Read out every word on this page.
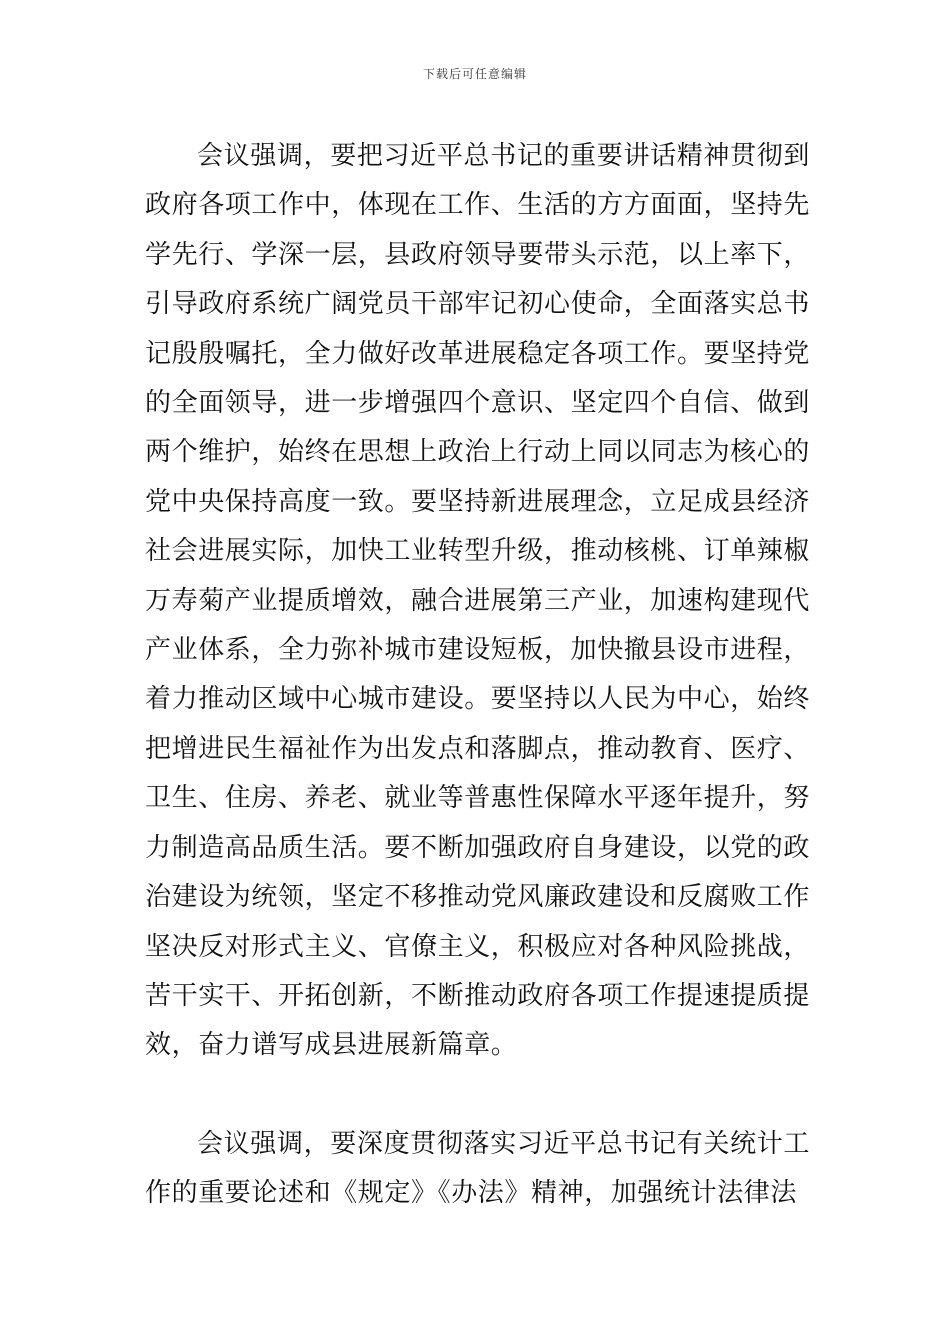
下载后可任意编辑

会议强调，要把习近平总书记的重要讲话精神贯彻到政府各项工作中，体现在工作、生活的方方面面，坚持先学先行、学深一层，县政府领导要带头示范，以上率下，引导政府系统广阔党员干部牢记初心使命，全面落实总书记殷殷嘱托，全力做好改革进展稳定各项工作。要坚持党的全面领导，进一步增强四个意识、坚定四个自信、做到两个维护，始终在思想上政治上行动上同以同志为核心的党中央保持高度一致。要坚持新进展理念，立足成县经济社会进展实际，加快工业转型升级，推动核桃、订单辣椒万寿菊产业提质增效，融合进展第三产业，加速构建现代产业体系，全力弥补城市建设短板，加快撤县设市进程，着力推动区域中心城市建设。要坚持以人民为中心，始终把增进民生福祉作为出发点和落脚点，推动教育、医疗、卫生、住房、养老、就业等普惠性保障水平逐年提升，努力制造高品质生活。要不断加强政府自身建设，以党的政治建设为统领，坚定不移推动党风廉政建设和反腐败工作坚决反对形式主义、官僚主义，积极应对各种风险挑战，苦干实干、开拓创新，不断推动政府各项工作提速提质提效，奋力谱写成县进展新篇章。

会议强调，要深度贯彻落实习近平总书记有关统计工作的重要论述和《规定》《办法》精神，加强统计法律法
